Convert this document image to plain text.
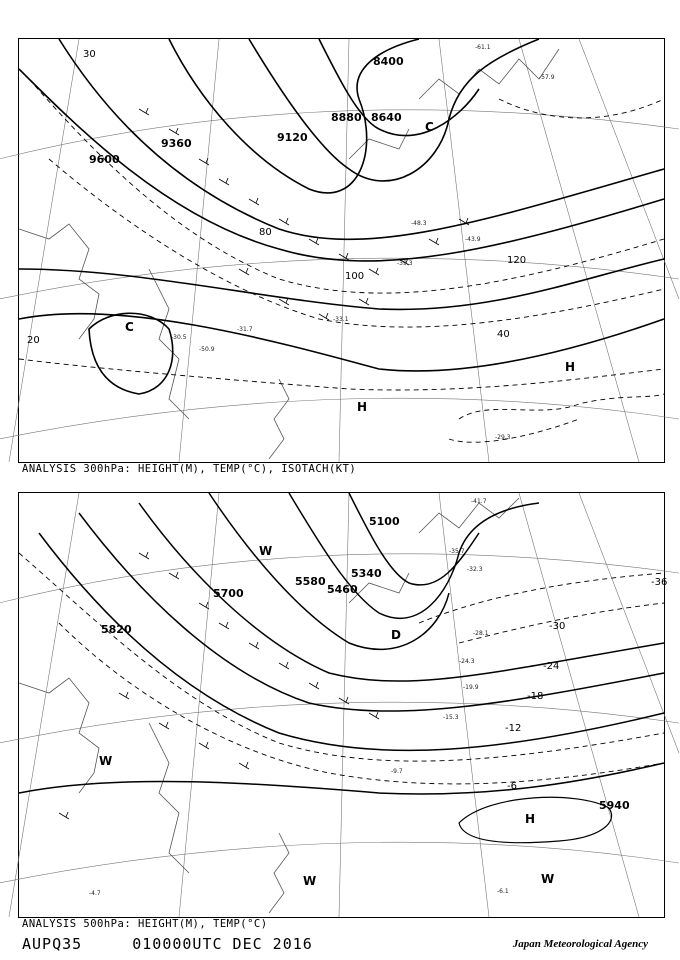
9600
9360	9120
8880 8640
8400
20
40
80
100
120
30
C
C
H
H
-61.1
-57.9
-50.9
-48.3
-43.9
-39.3
-33.1
-31.7
-30.5
-29.3
ANALYSIS 300hPa: HEIGHT(M), TEMP(°C), ISOTACH(KT)
5820
5700
5580
5460
5340
5100
5940
-36
-30
-24
-18
-12
-6
H
W
W
W	W
D
-41.7
-35.7
-32.3
-28.1
-24.3
-19.9
-15.3
-9.7
-6.1
-4.7
ANALYSIS 500hPa: HEIGHT(M), TEMP(°C)
AUPQ35	010000UTC DEC 2016	Japan Meteorological Agency
